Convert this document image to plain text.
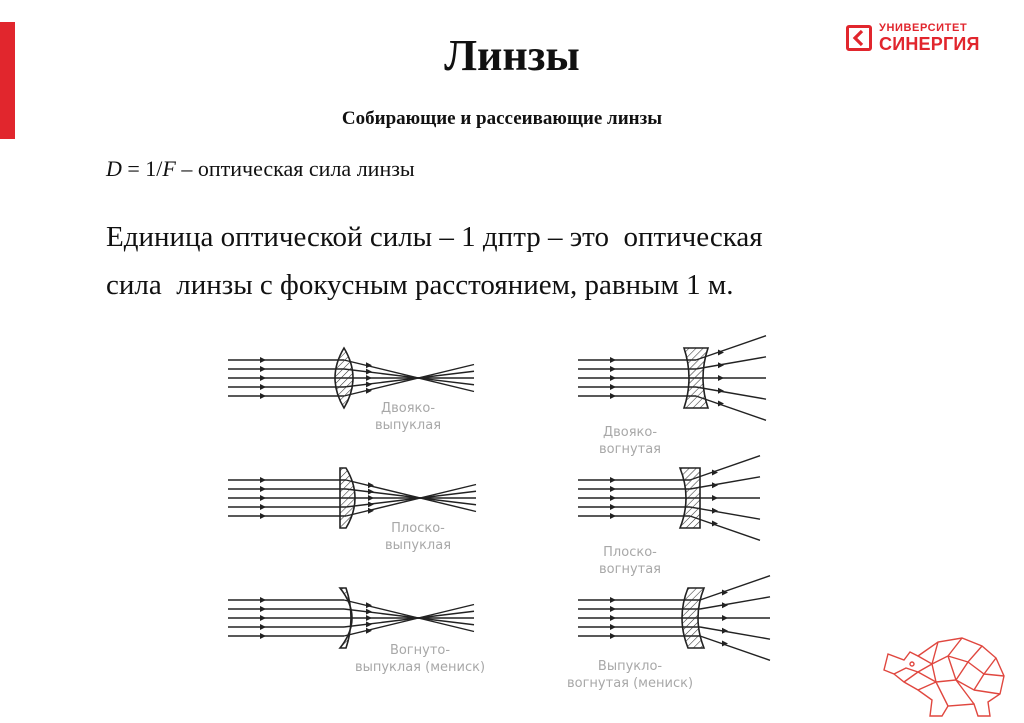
УНИВЕРСИТЕТ
СИНЕРГИЯ
Линзы
Собирающие и рассеивающие линзы
D = 1/F – оптическая сила линзы
Единица оптической силы – 1 дптр – это  оптическая
сила  линзы с фокусным расстоянием, равным 1 м.
Двояко-
выпуклая
Плоско-
выпуклая
Вогнуто-
выпуклая (мениск)
Двояко-
вогнутая
Плоско-
вогнутая
Выпукло-
вогнутая (мениск)
